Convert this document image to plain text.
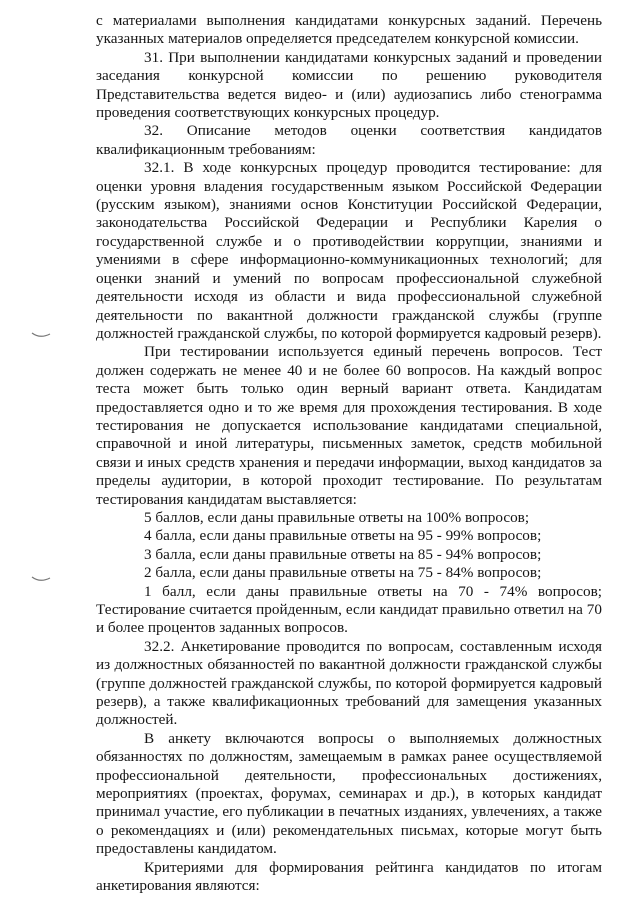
с материалами выполнения кандидатами конкурсных заданий. Перечень указанных материалов определяется председателем конкурсной комиссии.

31. При выполнении кандидатами конкурсных заданий и проведении заседания конкурсной комиссии по решению руководителя Представительства ведется видео- и (или) аудиозапись либо стенограмма проведения соответствующих конкурсных процедур.

32. Описание методов оценки соответствия кандидатов квалификационным требованиям:

32.1. В ходе конкурсных процедур проводится тестирование: для оценки уровня владения государственным языком Российской Федерации (русским языком), знаниями основ Конституции Российской Федерации, законодательства Российской Федерации и Республики Карелия о государственной службе и о противодействии коррупции, знаниями и умениями в сфере информационно-коммуникационных технологий; для оценки знаний и умений по вопросам профессиональной служебной деятельности исходя из области и вида профессиональной служебной деятельности по вакантной должности гражданской службы (группе должностей гражданской службы, по которой формируется кадровый резерв).

При тестировании используется единый перечень вопросов. Тест должен содержать не менее 40 и не более 60 вопросов. На каждый вопрос теста может быть только один верный вариант ответа. Кандидатам предоставляется одно и то же время для прохождения тестирования. В ходе тестирования не допускается использование кандидатами специальной, справочной и иной литературы, письменных заметок, средств мобильной связи и иных средств хранения и передачи информации, выход кандидатов за пределы аудитории, в которой проходит тестирование. По результатам тестирования кандидатам выставляется:

5 баллов, если даны правильные ответы на 100% вопросов;

4 балла, если даны правильные ответы на 95 - 99% вопросов;

3 балла, если даны правильные ответы на 85 - 94% вопросов;

2 балла, если даны правильные ответы на 75 - 84% вопросов;

1 балл, если даны правильные ответы на 70 - 74% вопросов; Тестирование считается пройденным, если кандидат правильно ответил на 70 и более процентов заданных вопросов.

32.2. Анкетирование проводится по вопросам, составленным исходя из должностных обязанностей по вакантной должности гражданской службы (группе должностей гражданской службы, по которой формируется кадровый резерв), а также квалификационных требований для замещения указанных должностей.

В анкету включаются вопросы о выполняемых должностных обязанностях по должностям, замещаемым в рамках ранее осуществляемой профессиональной деятельности, профессиональных достижениях, мероприятиях (проектах, форумах, семинарах и др.), в которых кандидат принимал участие, его публикации в печатных изданиях, увлечениях, а также о рекомендациях и (или) рекомендательных письмах, которые могут быть предоставлены кандидатом.

Критериями для формирования рейтинга кандидатов по итогам анкетирования являются:
